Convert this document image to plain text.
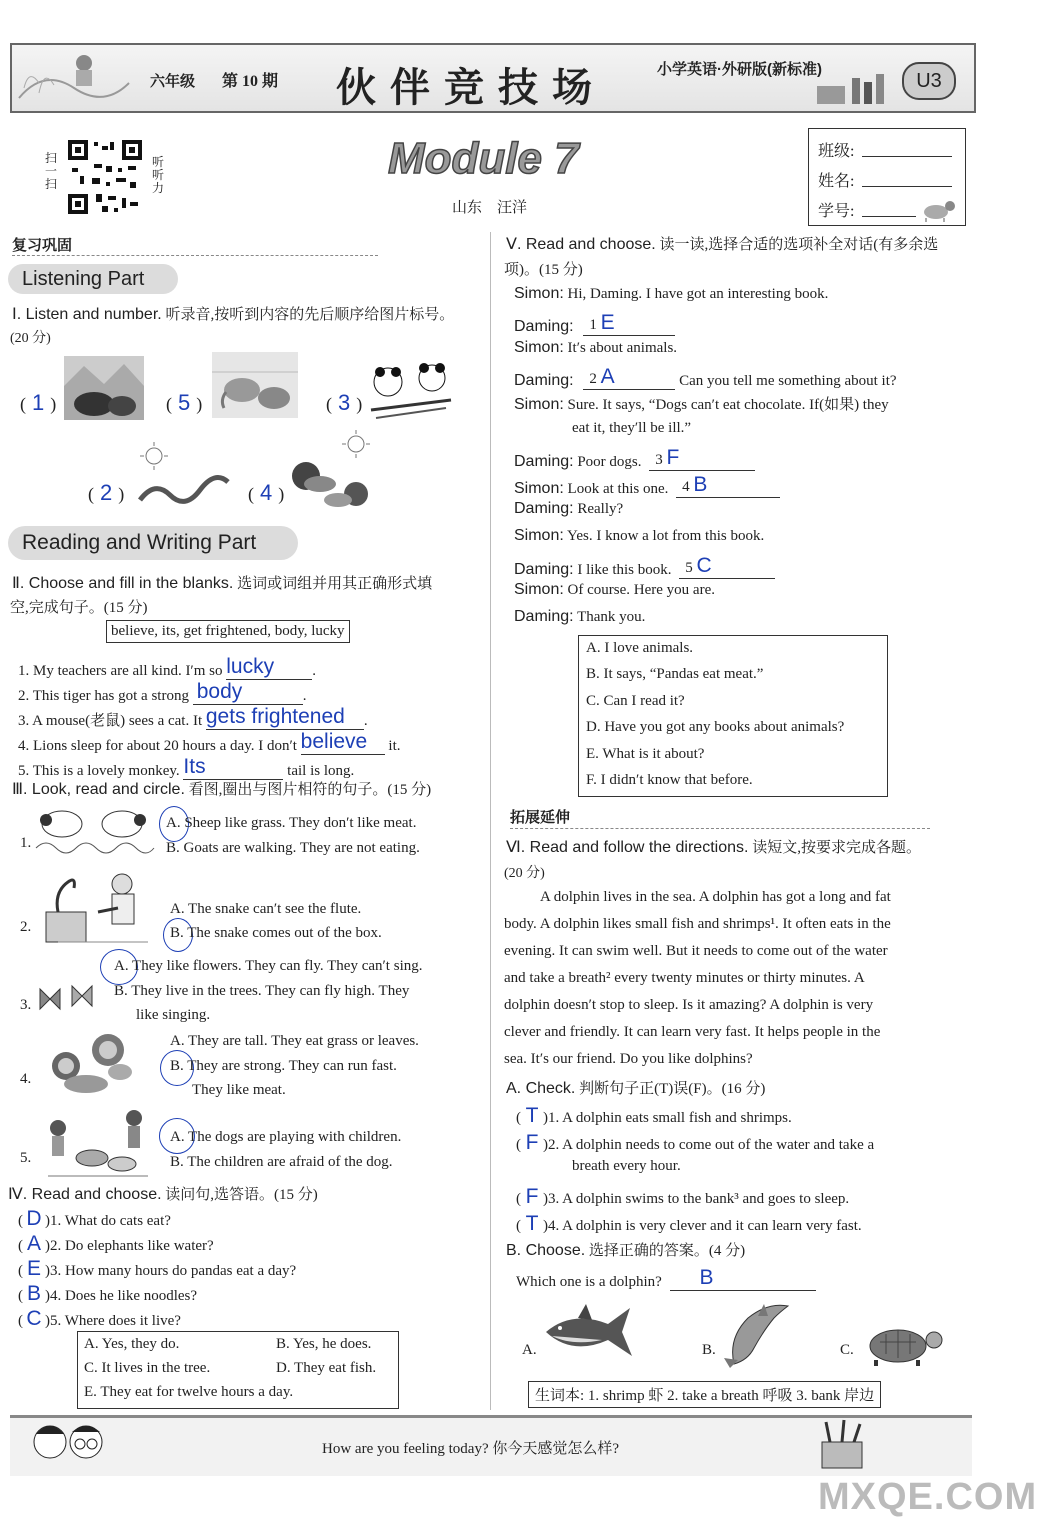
六年级 第 10 期 伙 伴 竞 技 场	小学英语·外研版(新标准)
U3
扫一扫
听听力
Module 7
山东    汪洋
班级:
姓名:
学号:
复习巩固
Listening Part
Ⅰ. Listen and number. 听录音,按听到内容的先后顺序给图片标号。
(20 分)
( 1 )	( 5 )	( 3 )
( 2 )	( 4 )
Reading and Writing Part
Ⅱ. Choose and fill in the blanks. 选词或词组并用其正确形式填
空,完成句子。(15 分)
believe, its, get frightened, body, lucky
1. My teachers are all kind. I′m so lucky	.
2. This tiger has got a strong body	.
3. A mouse(老鼠) sees a cat. It gets frightened .
4. Lions sleep for about 20 hours a day. I don′t believe it.
5. This is a lovely monkey. Its	tail is long.
Ⅲ. Look, read and circle. 看图,圈出与图片相符的句子。(15 分)
1.
A. Sheep like grass. They don′t like meat.
B. Goats are walking. They are not eating.
2.
A. The snake can′t see the flute.
B. The snake comes out of the box.
3.
A. They like flowers. They can fly. They can′t sing.
B. They live in the trees. They can fly high. They
like singing.
4.
A. They are tall. They eat grass or leaves.
B. They are strong. They can run fast.
They like meat.
5.
A. The dogs are playing with children.
B. The children are afraid of the dog.
Ⅳ. Read and choose. 读问句,选答语。(15 分)
( D )1. What do cats eat?
( A )2. Do elephants like water?
( E )3. How many hours do pandas eat a day?
( B )4. Does he like noodles?
( C )5. Where does it live?
A. Yes, they do.	B. Yes, he does.
C. It lives in the tree.	D. They eat fish.
E. They eat for twelve hours a day.
Ⅴ. Read and choose. 读一读,选择合适的选项补全对话(有多余选
项)。(15 分)
Simon: Hi, Daming. I have got an interesting book.
Daming: 1 E
Simon: It′s about animals.
Daming: 2 A	Can you tell me something about it?
Simon: Sure. It says, “Dogs can′t eat chocolate. If(如果) they
eat it, they′ll be ill.”
Daming: Poor dogs. 3 F
Simon: Look at this one. 4 B
Daming: Really?
Simon: Yes. I know a lot from this book.
Daming: I like this book. 5 C
Simon: Of course. Here you are.
Daming: Thank you.
A. I love animals.
B. It says, “Pandas eat meat.”
C. Can I read it?
D. Have you got any books about animals?
E. What is it about?
F. I didn′t know that before.
拓展延伸
Ⅵ. Read and follow the directions. 读短文,按要求完成各题。
(20 分)
A dolphin lives in the sea. A dolphin has got a long and fat
body. A dolphin likes small fish and shrimps¹. It often eats in the
evening. It can swim well. But it needs to come out of the water
and take a breath² every twenty minutes or thirty minutes. A
dolphin doesn′t stop to sleep. Is it amazing? A dolphin is very
clever and friendly. It can learn very fast. It helps people in the
sea. It′s our friend. Do you like dolphins?
A. Check. 判断句子正(T)误(F)。(16 分)
( T )1. A dolphin eats small fish and shrimps.
( F )2. A dolphin needs to come out of the water and take a
breath every hour.
( F )3. A dolphin swims to the bank³ and goes to sleep.
( T )4. A dolphin is very clever and it can learn very fast.
B. Choose. 选择正确的答案。(4 分)
Which one is a dolphin? B
A.	B.	C.
生词本: 1. shrimp 虾 2. take a breath 呼吸 3. bank 岸边
How are you feeling today? 你今天感觉怎么样?
MXQE.COM
